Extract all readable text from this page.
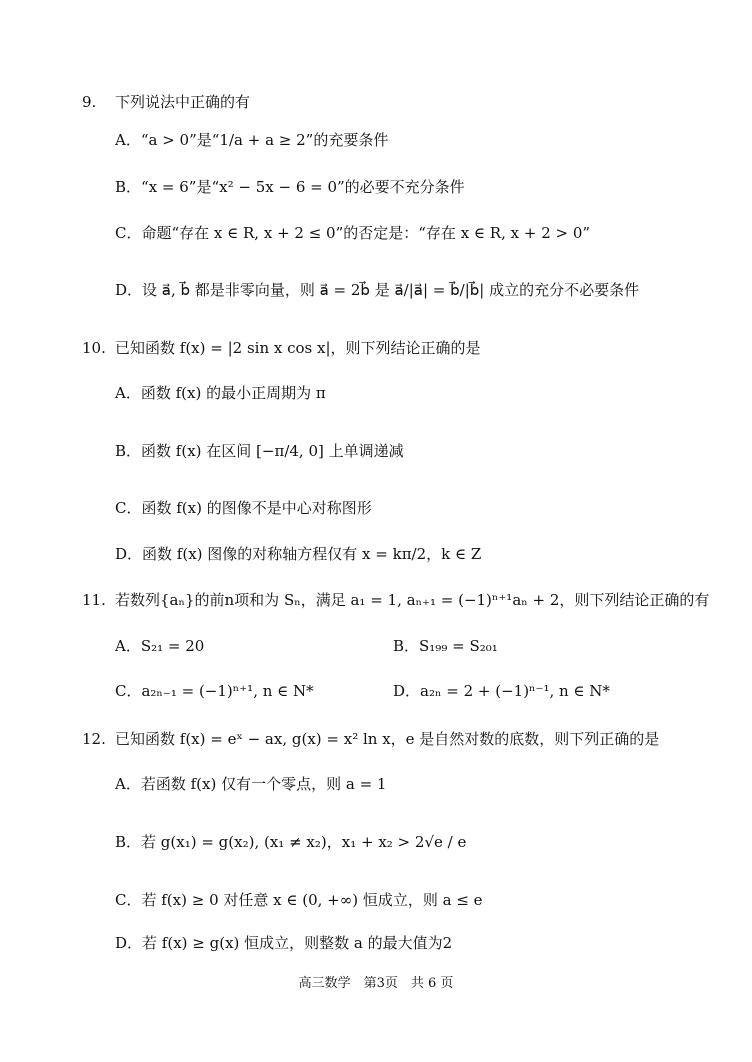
9. 下列说法中正确的有
A．“a > 0”是“1/a + a ≥ 2”的充要条件
B．“x = 6”是“x² − 5x − 6 = 0”的必要不充分条件
C．命题“存在 x ∈ R, x + 2 ≤ 0”的否定是：“存在 x ∈ R, x + 2 > 0”
D．设 a⃗, b⃗ 都是非零向量，则 a⃗ = 2b⃗ 是 a⃗/|a⃗| = b⃗/|b⃗| 成立的充分不必要条件
10. 已知函数 f(x) = |2 sin x cos x|，则下列结论正确的是
A．函数 f(x) 的最小正周期为 π
B．函数 f(x) 在区间 [−π/4, 0] 上单调递减
C．函数 f(x) 的图像不是中心对称图形
D．函数 f(x) 图像的对称轴方程仅有 x = kπ/2，k ∈ Z
11. 若数列{aₙ}的前n项和为 Sₙ，满足 a₁ = 1, aₙ₊₁ = (−1)ⁿ⁺¹aₙ + 2，则下列结论正确的有
A．S₂₁ = 20	B．S₁₉₉ = S₂₀₁
C．a₂ₙ₋₁ = (−1)ⁿ⁺¹, n ∈ N*	D．a₂ₙ = 2 + (−1)ⁿ⁻¹, n ∈ N*
12. 已知函数 f(x) = eˣ − ax, g(x) = x² ln x，e 是自然对数的底数，则下列正确的是
A．若函数 f(x) 仅有一个零点，则 a = 1
B．若 g(x₁) = g(x₂), (x₁ ≠ x₂)，x₁ + x₂ > 2√e / e
C．若 f(x) ≥ 0 对任意 x ∈ (0, +∞) 恒成立，则 a ≤ e
D．若 f(x) ≥ g(x) 恒成立，则整数 a 的最大值为2
高三数学　第3页　共 6 页
